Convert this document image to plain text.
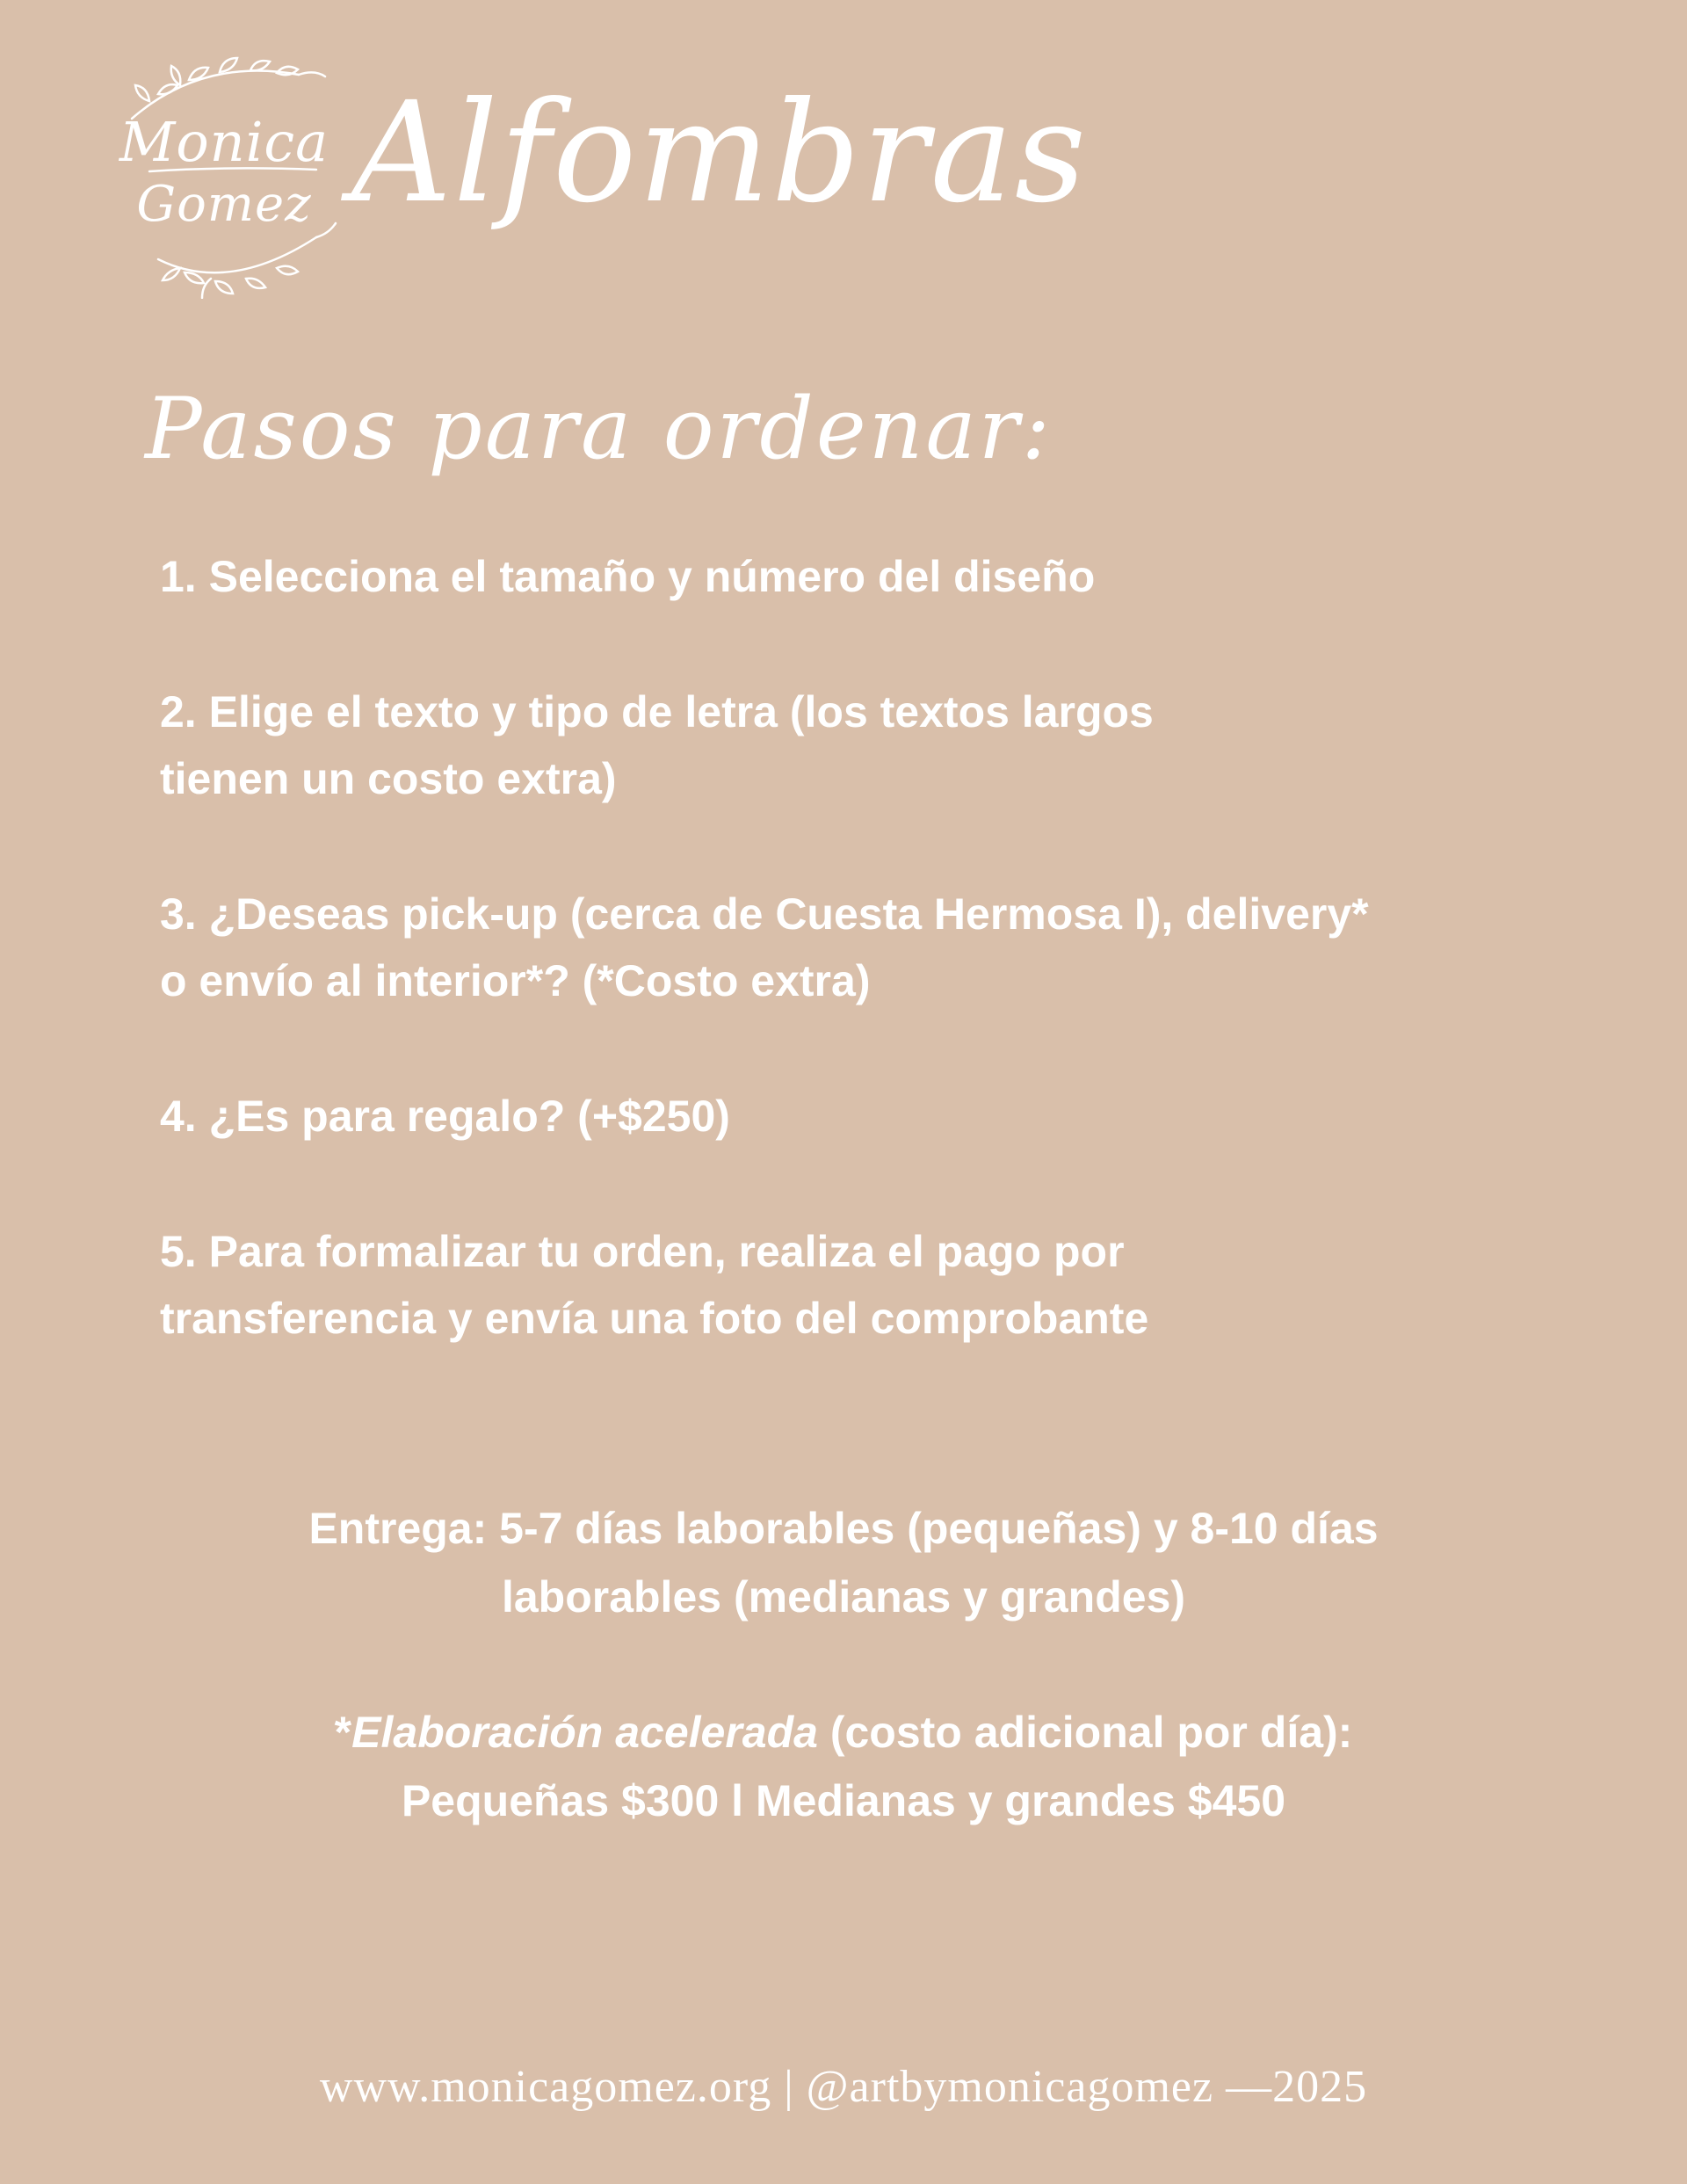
Monica
Gomez Alfombras
Pasos para ordenar:
1. Selecciona el tamaño y número del diseño
2. Elige el texto y tipo de letra (los textos largos
tienen un costo extra)
3. ¿Deseas pick-up (cerca de Cuesta Hermosa I), delivery*
o envío al interior*? (*Costo extra)
4. ¿Es para regalo? (+$250)
5. Para formalizar tu orden, realiza el pago por
transferencia y envía una foto del comprobante

Entrega: 5-7 días laborables (pequeñas) y 8-10 días
laborables (medianas y grandes)

*Elaboración acelerada (costo adicional por día):
Pequeñas $300 l Medianas y grandes $450

www.monicagomez.org | @artbymonicagomez —2025
